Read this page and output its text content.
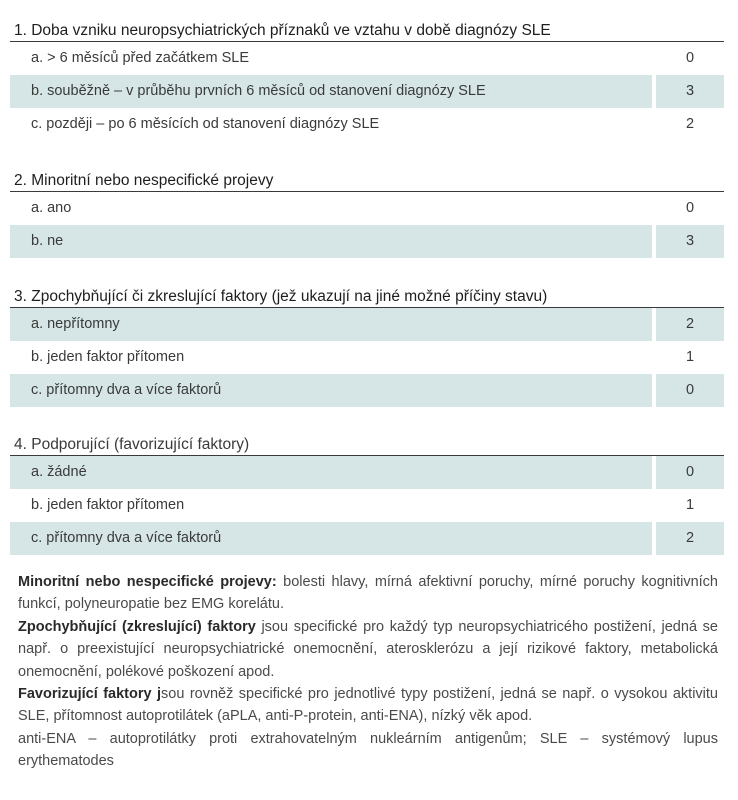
1. Doba vzniku neuropsychiatrických příznaků ve vztahu v době diagnózy SLE
a. > 6 měsíců před začátkem SLE	0
b. souběžně – v průběhu prvních 6 měsíců od stanovení diagnózy SLE	3
c. později – po 6 měsících od stanovení diagnózy SLE	2
2. Minoritní nebo nespecifické projevy
a. ano	0
b. ne	3
3. Zpochybňující či zkreslující faktory (jež ukazují na jiné možné příčiny stavu)
a. nepřítomny	2
b. jeden faktor přítomen	1
c. přítomny dva a více faktorů	0
4. Podporující (favorizující faktory)
a. žádné	0
b. jeden faktor přítomen	1
c. přítomny dva a více faktorů	2

Minoritní nebo nespecifické projevy: bolesti hlavy, mírná afektivní poruchy, mírné poruchy kognitivních funkcí, polyneuropatie bez EMG korelátu.

Zpochybňující (zkreslující) faktory jsou specifické pro každý typ neuropsychiatricého postižení, jedná se např. o preexistující neuropsychiatrické onemocnění, aterosklerózu a její rizikové faktory, metabolická onemocnění, polékové poškození apod.

Favorizující faktory jsou rovněž specifické pro jednotlivé typy postižení, jedná se např. o vysokou aktivitu SLE, přítomnost autoprotilátek (aPLA, anti-P-protein, anti-ENA), nízký věk apod.

anti-ENA – autoprotilátky proti extrahovatelným nukleárním antigenům; SLE – systémový lupus erythematodes
